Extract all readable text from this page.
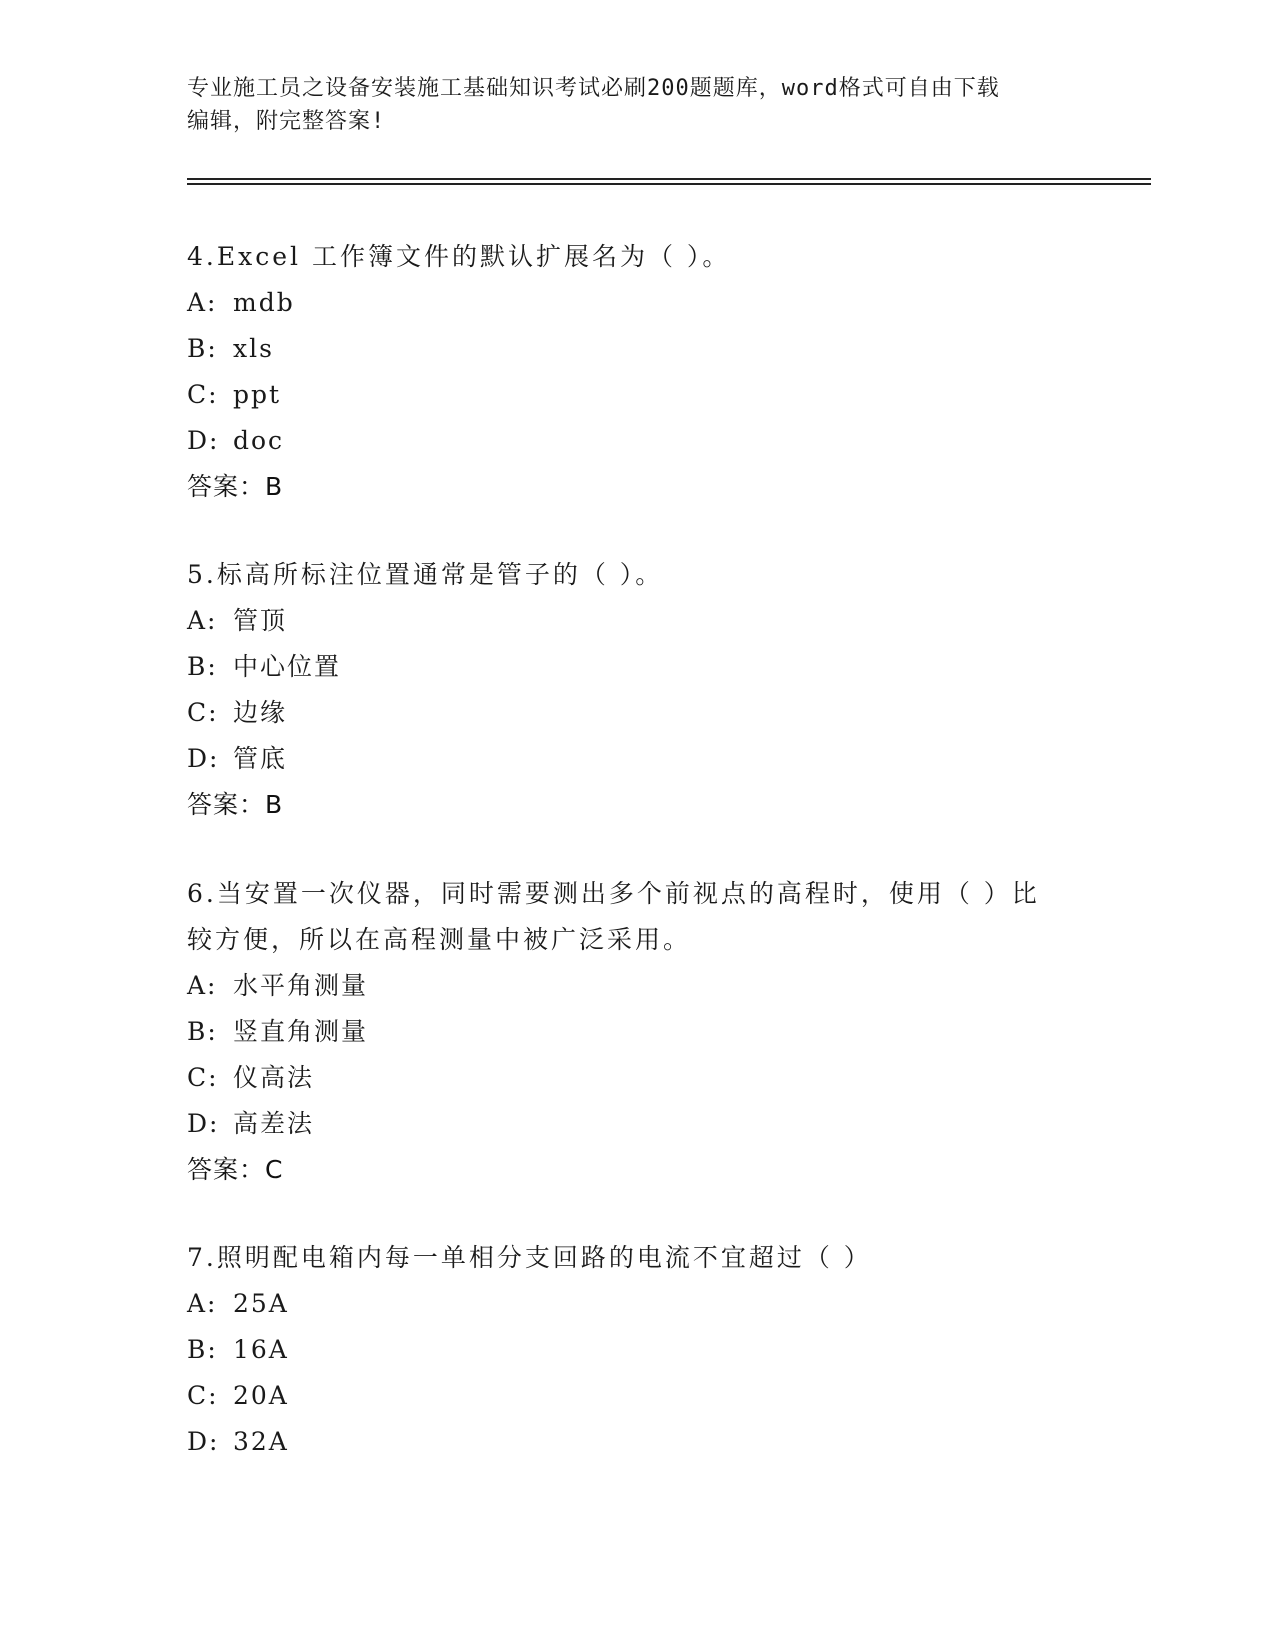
专业施工员之设备安装施工基础知识考试必刷200题题库，word格式可自由下载
编辑，附完整答案!
4.Excel 工作簿文件的默认扩展名为（ ）。
A: mdb
B: xls
C: ppt
D: doc
答案：B
5.标高所标注位置通常是管子的（ ）。
A: 管顶
B: 中心位置
C: 边缘
D: 管底
答案：B
6.当安置一次仪器，同时需要测出多个前视点的高程时，使用（ ）比
较方便，所以在高程测量中被广泛采用。
A: 水平角测量
B: 竖直角测量
C: 仪高法
D: 高差法
答案：C
7.照明配电箱内每一单相分支回路的电流不宜超过（ ）
A: 25A
B: 16A
C: 20A
D: 32A
